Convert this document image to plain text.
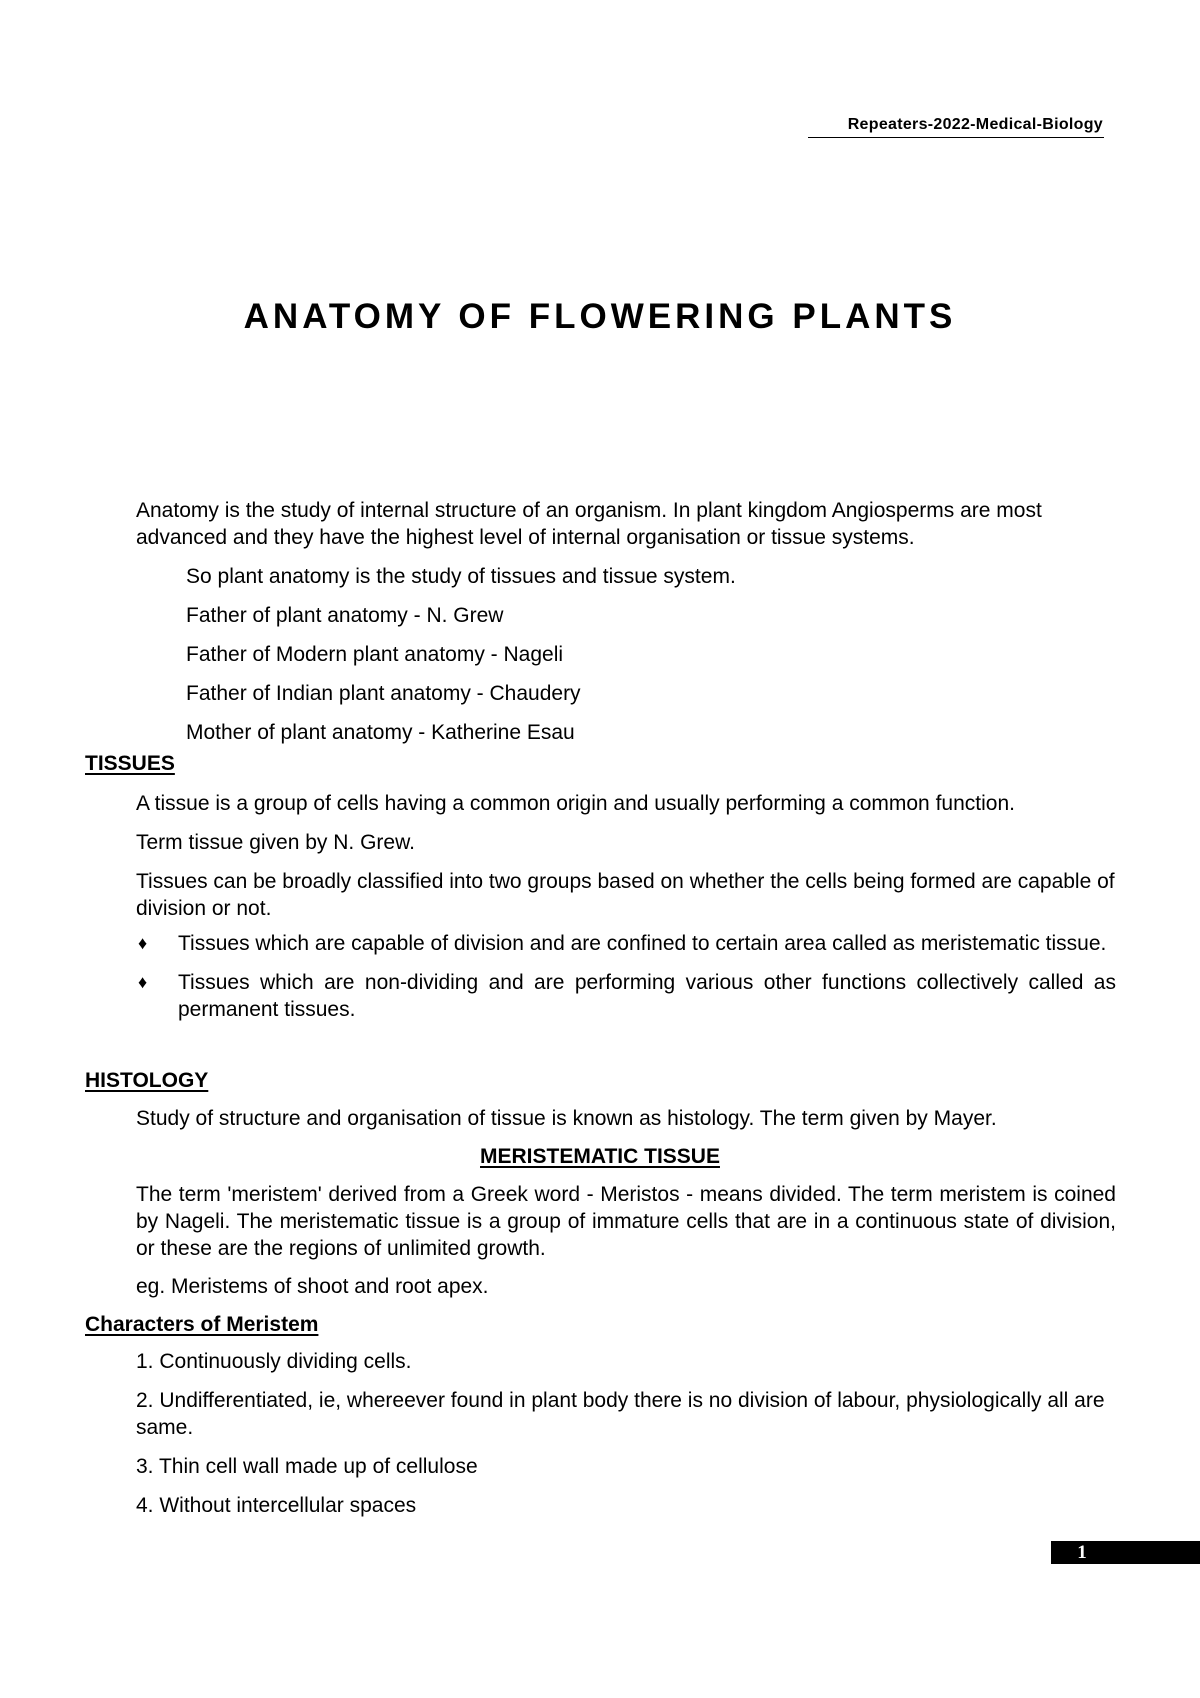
Repeaters-2022-Medical-Biology
ANATOMY OF FLOWERING PLANTS

Anatomy is the study of internal structure of an organism. In plant kingdom Angiosperms are most advanced and they have the highest level of internal organisation or tissue systems.

So plant anatomy is the study of tissues and tissue system.

Father of plant anatomy - N. Grew

Father of Modern plant anatomy - Nageli

Father of Indian plant anatomy - Chaudery

Mother of plant anatomy - Katherine Esau

TISSUES

A tissue is a group of cells having a common origin and usually performing a common function.

Term tissue given by N. Grew.

Tissues can be broadly classified into two groups based on whether the cells being formed are capable of division or not.

♦	Tissues which are capable of division and are confined to certain area called as meristematic tissue.
♦	Tissues which are non-dividing and are performing various other functions collectively called as permanent tissues.
HISTOLOGY

Study of structure and organisation of tissue is known as histology. The term given by Mayer.

MERISTEMATIC TISSUE

The term 'meristem' derived from a Greek word - Meristos - means divided. The term meristem is coined by Nageli. The meristematic tissue is a group of immature cells that are in a continuous state of division, or these are the regions of unlimited growth.

eg. Meristems of shoot and root apex.

Characters of Meristem

1. Continuously dividing cells.

2. Undifferentiated, ie, whereever found in plant body there is no division of labour, physiologically all are same.

3. Thin cell wall made up of cellulose

4. Without intercellular spaces

1
